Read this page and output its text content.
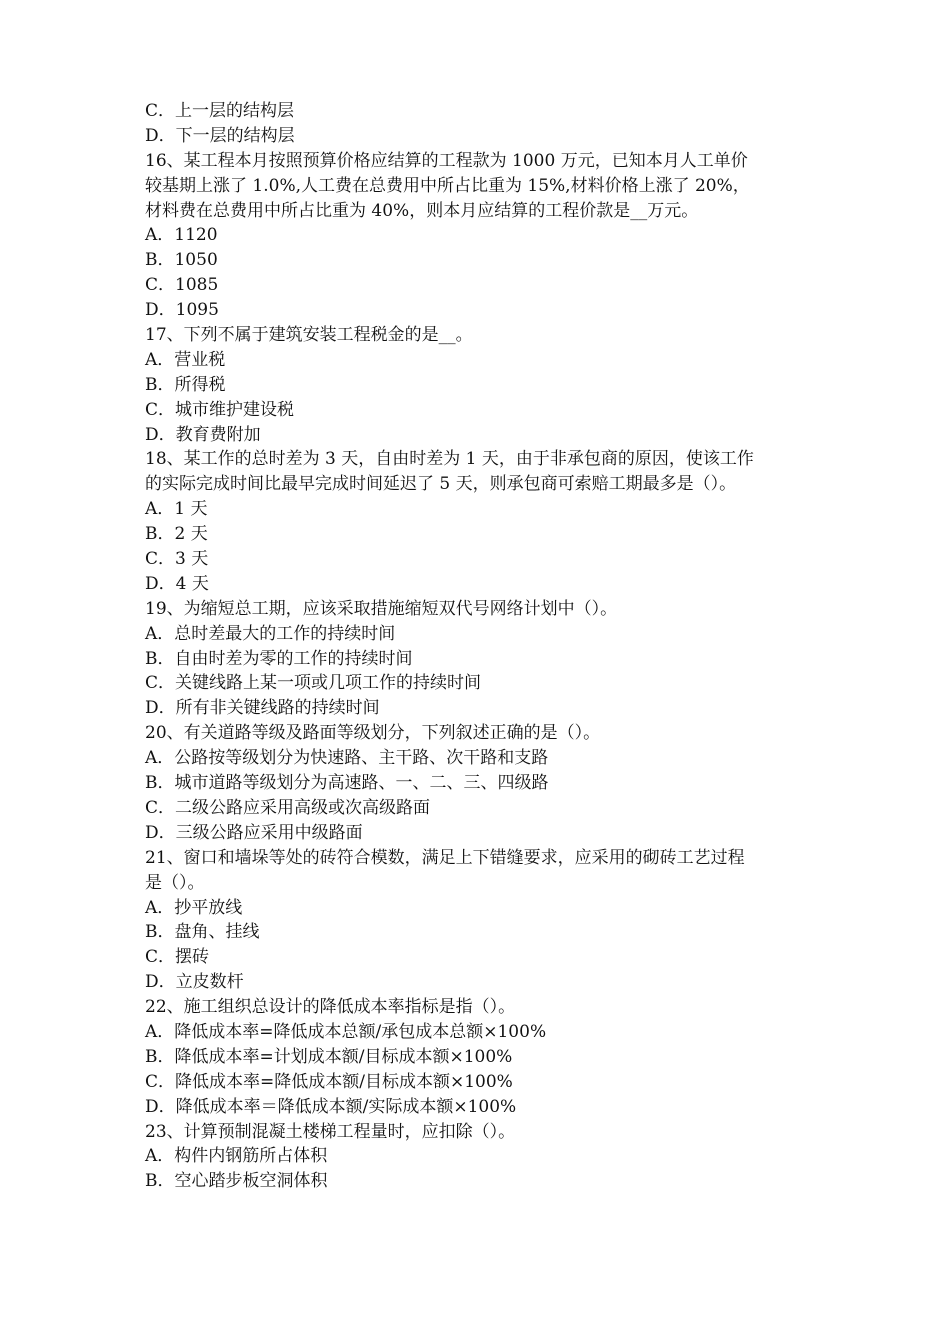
C．上一层的结构层
D．下一层的结构层
16、某工程本月按照预算价格应结算的工程款为 1000 万元，已知本月人工单价
较基期上涨了 1.0%,人工费在总费用中所占比重为 15%,材料价格上涨了 20%，
材料费在总费用中所占比重为 40%，则本月应结算的工程价款是__万元。
A．1120
B．1050
C．1085
D．1095
17、下列不属于建筑安装工程税金的是__。
A．营业税
B．所得税
C．城市维护建设税
D．教育费附加
18、某工作的总时差为 3 天，自由时差为 1 天，由于非承包商的原因，使该工作
的实际完成时间比最早完成时间延迟了 5 天，则承包商可索赔工期最多是（）。
A．1 天
B．2 天
C．3 天
D．4 天
19、为缩短总工期，应该采取措施缩短双代号网络计划中（）。
A．总时差最大的工作的持续时间
B．自由时差为零的工作的持续时间
C．关键线路上某一项或几项工作的持续时间
D．所有非关键线路的持续时间
20、有关道路等级及路面等级划分，下列叙述正确的是（）。
A．公路按等级划分为快速路、主干路、次干路和支路
B．城市道路等级划分为高速路、一、二、三、四级路
C．二级公路应采用高级或次高级路面
D．三级公路应采用中级路面
21、窗口和墙垛等处的砖符合模数，满足上下错缝要求，应采用的砌砖工艺过程
是（）。
A．抄平放线
B．盘角、挂线
C．摆砖
D．立皮数杆
22、施工组织总设计的降低成本率指标是指（）。
A．降低成本率=降低成本总额/承包成本总额×100%
B．降低成本率=计划成本额/目标成本额×100%
C．降低成本率=降低成本额/目标成本额×100%
D．降低成本率＝降低成本额/实际成本额×100%
23、计算预制混凝土楼梯工程量时，应扣除（）。
A．构件内钢筋所占体积
B．空心踏步板空洞体积
